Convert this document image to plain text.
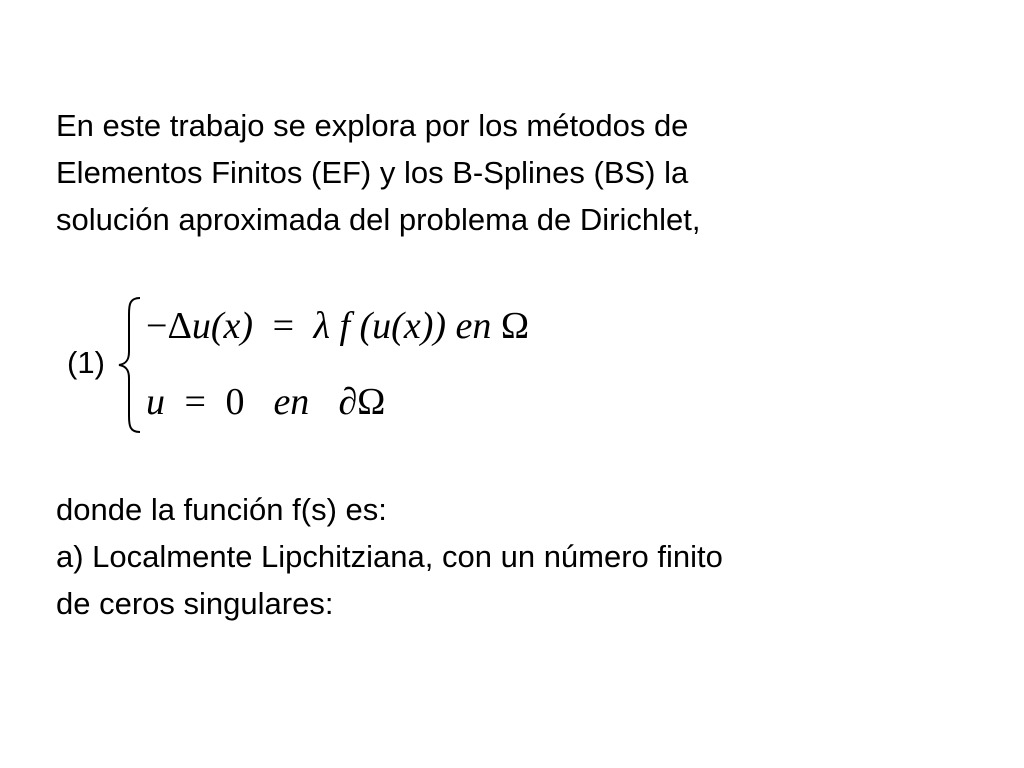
En este trabajo se explora por los métodos de
Elementos Finitos (EF) y los B-Splines (BS) la
solución aproximada del problema de Dirichlet,
(1)
−Δu(x) = λ f (u(x)) en Ω
u = 0 en ∂Ω
donde la función f(s) es:
a) Localmente Lipchitziana, con un número finito
de ceros singulares:
